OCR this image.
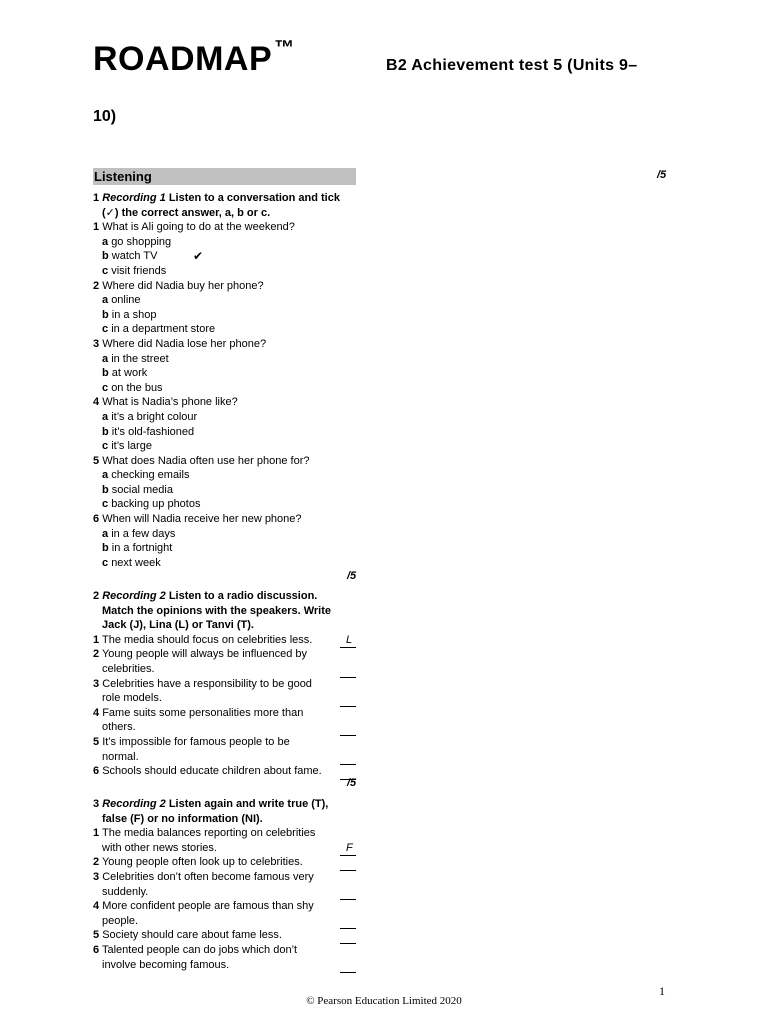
ROADMAP ™
B2 Achievement test 5 (Units 9–
10)
Listening	/5

1 Recording 1 Listen to a conversation and tick
(✓) the correct answer, a, b or c.

1 What is Ali going to do at the weekend?
a go shopping
b watch TV	✔
c visit friends
2 Where did Nadia buy her phone?
a online
b in a shop
c in a department store
3 Where did Nadia lose her phone?
a in the street
b at work
c on the bus
4 What is Nadia’s phone like?
a it’s a bright colour
b it’s old-fashioned
c it’s large
5 What does Nadia often use her phone for?
a checking emails
b social media
c backing up photos
6 When will Nadia receive her new phone?
a in a few days
b in a fortnight
c next week
/5

2 Recording 2 Listen to a radio discussion.
Match the opinions with the speakers. Write
Jack (J), Lina (L) or Tanvi (T).

1 The media should focus on celebrities less.	L
2 Young people will always be influenced by
celebrities.
3 Celebrities have a responsibility to be good
role models.
4 Fame suits some personalities more than
others.
5 It’s impossible for famous people to be
normal.
6 Schools should educate children about fame.
/5

3 Recording 2 Listen again and write true (T),
false (F) or no information (NI).

1 The media balances reporting on celebrities
with other news stories.	F
2 Young people often look up to celebrities.
3 Celebrities don’t often become famous very
suddenly.
4 More confident people are famous than shy
people.
5 Society should care about fame less.
6 Talented people can do jobs which don’t
involve becoming famous.
1
© Pearson Education Limited 2020
